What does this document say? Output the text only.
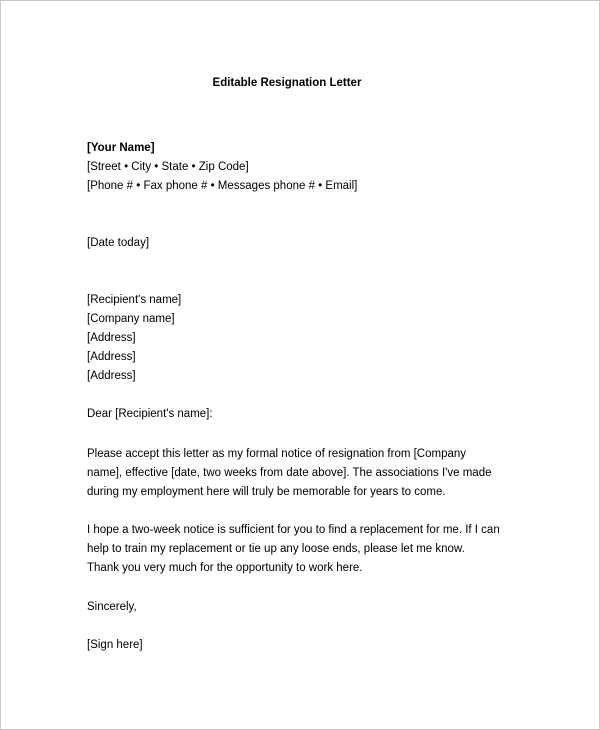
Editable Resignation Letter
[Your Name]
[Street • City • State • Zip Code]
[Phone # • Fax phone # • Messages phone # • Email]
[Date today]
[Recipient's name]
[Company name]
[Address]
[Address]
[Address]
Dear [Recipient's name]:
Please accept this letter as my formal notice of resignation from [Company
name], effective [date, two weeks from date above]. The associations I've made
during my employment here will truly be memorable for years to come.
I hope a two-week notice is sufficient for you to find a replacement for me. If I can
help to train my replacement or tie up any loose ends, please let me know.
Thank you very much for the opportunity to work here.
Sincerely,
[Sign here]
